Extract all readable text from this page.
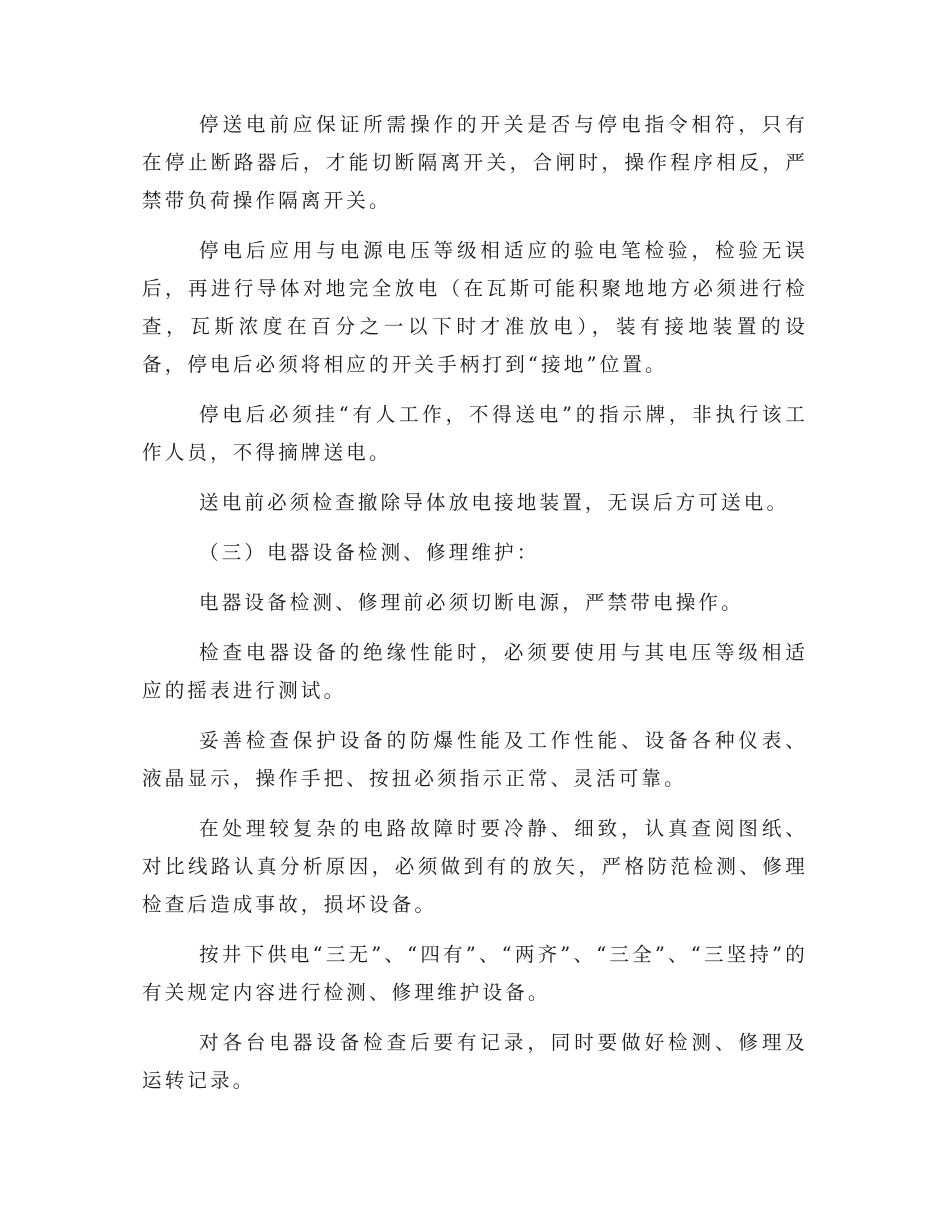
停送电前应保证所需操作的开关是否与停电指令相符，只有在停止断路器后，才能切断隔离开关，合闸时，操作程序相反，严禁带负荷操作隔离开关。

停电后应用与电源电压等级相适应的验电笔检验，检验无误后，再进行导体对地完全放电（在瓦斯可能积聚地地方必须进行检查，瓦斯浓度在百分之一以下时才准放电），装有接地装置的设备，停电后必须将相应的开关手柄打到“接地”位置。

停电后必须挂“有人工作，不得送电”的指示牌，非执行该工作人员，不得摘牌送电。

送电前必须检查撤除导体放电接地装置，无误后方可送电。

（三）电器设备检测、修理维护：

电器设备检测、修理前必须切断电源，严禁带电操作。

检查电器设备的绝缘性能时，必须要使用与其电压等级相适应的摇表进行测试。

妥善检查保护设备的防爆性能及工作性能、设备各种仪表、液晶显示，操作手把、按扭必须指示正常、灵活可靠。

在处理较复杂的电路故障时要冷静、细致，认真查阅图纸、对比线路认真分析原因，必须做到有的放矢，严格防范检测、修理检查后造成事故，损坏设备。

按井下供电“三无”、“四有”、“两齐”、“三全”、“三坚持”的有关规定内容进行检测、修理维护设备。

对各台电器设备检查后要有记录，同时要做好检测、修理及运转记录。
